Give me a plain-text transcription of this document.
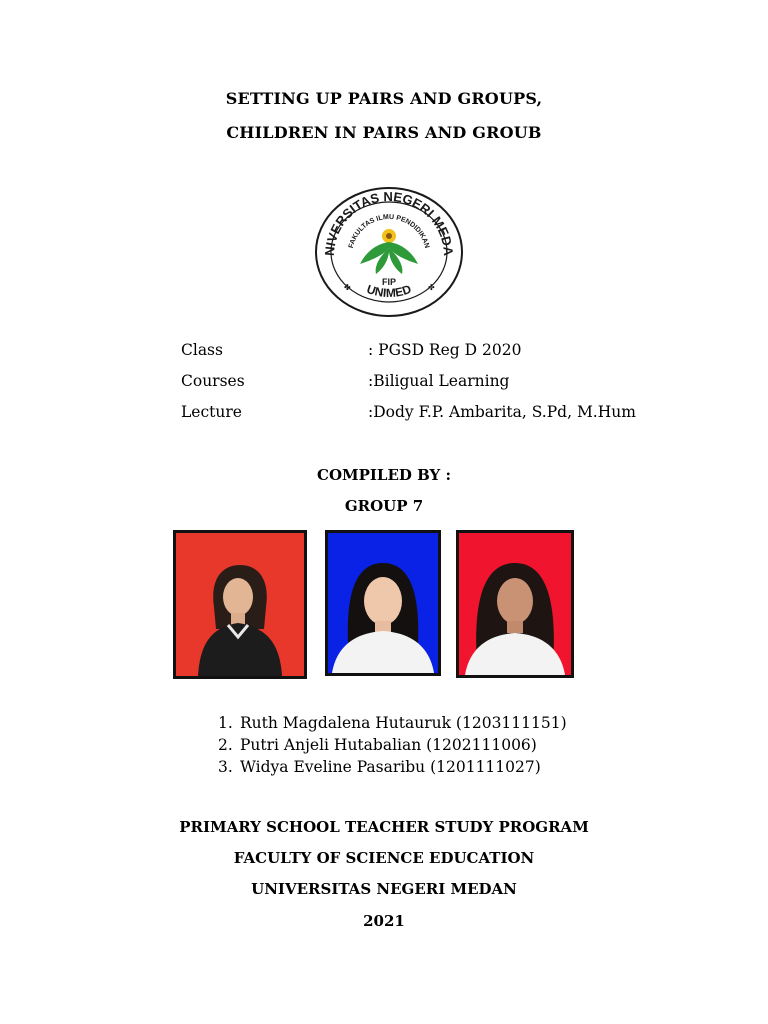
SETTING UP PAIRS AND GROUPS,
CHILDREN IN PAIRS AND GROUB
NIVERSITAS NEGERI MEDA
FAKULTAS ILMU PENDIDIKAN
FIP
UNIMED
✤	✤
Class	: PGSD Reg D 2020
Courses	:Biligual Learning
Lecture	:Dody F.P. Ambarita, S.Pd, M.Hum
COMPILED BY :
GROUP 7
1. Ruth Magdalena Hutauruk (1203111151)
2. Putri Anjeli Hutabalian (1202111006)
3. Widya Eveline Pasaribu (1201111027)
PRIMARY SCHOOL TEACHER STUDY PROGRAM
FACULTY OF SCIENCE EDUCATION
UNIVERSITAS NEGERI MEDAN
2021
